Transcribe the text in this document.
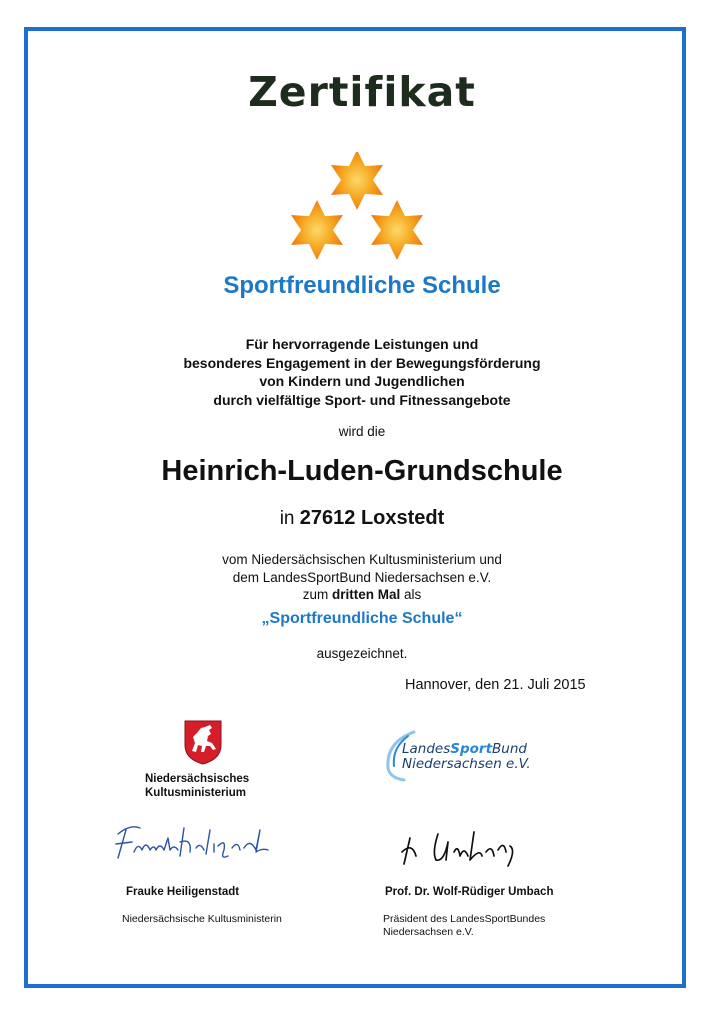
Zertifikat
Sportfreundliche Schule
Für hervorragende Leistungen und
besonderes Engagement in der Bewegungsförderung
von Kindern und Jugendlichen
durch vielfältige Sport- und Fitnessangebote
wird die
Heinrich-Luden-Grundschule
in 27612 Loxstedt
vom Niedersächsischen Kultusministerium und
dem LandesSportBund Niedersachsen e.V.
zum dritten Mal als
„Sportfreundliche Schule“
ausgezeichnet.
Hannover, den 21. Juli 2015
Niedersächsisches
Kultusministerium
LandesSportBund
Niedersachsen e.V.
Frauke Heiligenstadt	Prof. Dr. Wolf-Rüdiger Umbach
Niedersächsische Kultusministerin	Präsident des LandesSportBundes
Niedersachsen e.V.
